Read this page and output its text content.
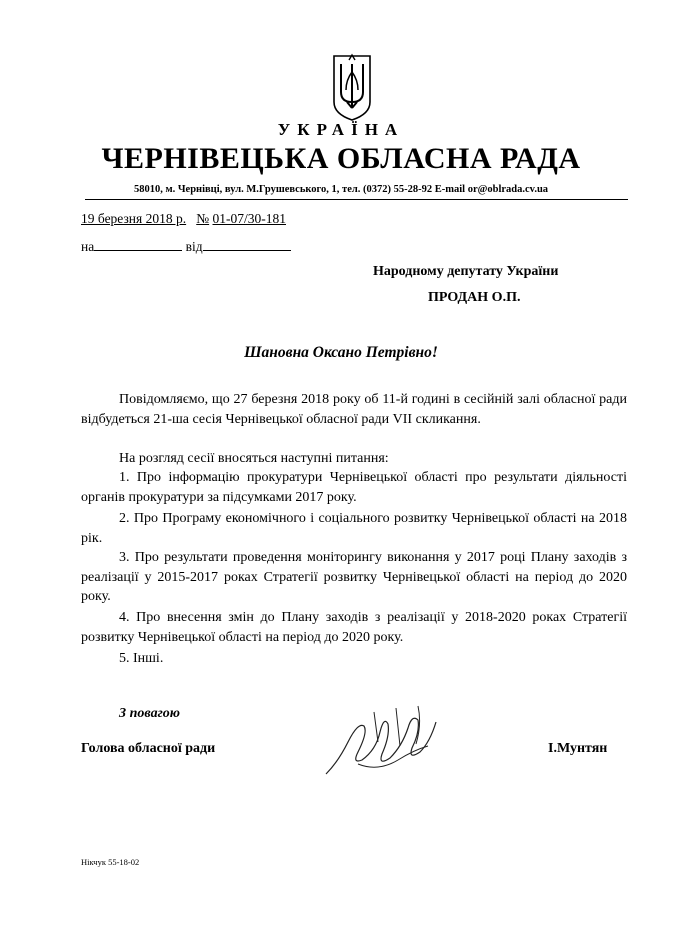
УКРАЇНА
ЧЕРНІВЕЦЬКА ОБЛАСНА РАДА
58010, м. Чернівці, вул. М.Грушевського, 1, тел. (0372) 55-28-92 E-mail or@oblrada.cv.ua
19 березня 2018 р. № 01-07/30-181
на	від
Народному депутату України
ПРОДАН О.П.
Шановна Оксано Петрівно!

Повідомляємо, що 27 березня 2018 року об 11-й годині в сесійній залі обласної ради відбудеться 21-ша сесія Чернівецької обласної ради VII скликання.

На розгляд сесії вносяться наступні питання:

1. Про інформацію прокуратури Чернівецької області про результати діяльності органів прокуратури за підсумками 2017 року.

2. Про Програму економічного і соціального розвитку Чернівецької області на 2018 рік.

3. Про результати проведення моніторингу виконання у 2017 році Плану заходів з реалізації у 2015-2017 роках Стратегії розвитку Чернівецької області на період до 2020 року.

4. Про внесення змін до Плану заходів з реалізації у 2018-2020 роках Стратегії розвитку Чернівецької області на період до 2020 року.

5. Інші.

З повагою
Голова обласної ради	І.Мунтян
Нiкчук 55-18-02
